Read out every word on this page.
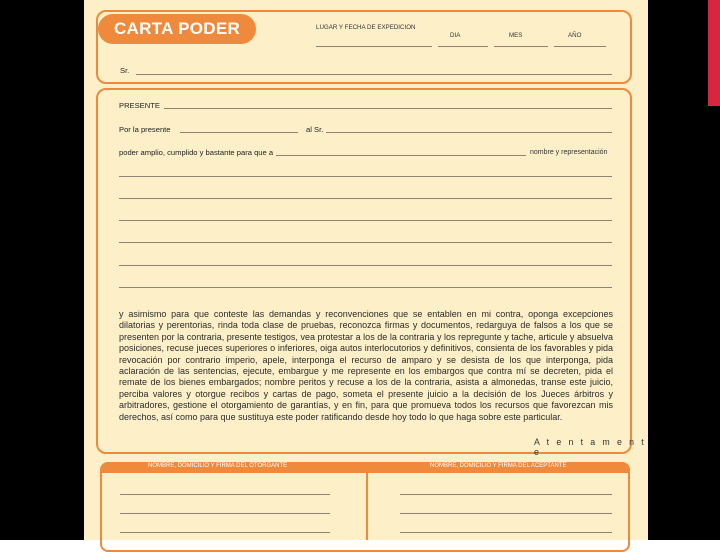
CARTA PODER	LUGAR Y FECHA DE EXPEDICION
DIA	MES	AÑO
Sr.
PRESENTE
Por la presente	al Sr.
poder amplio, cumplido y bastante para que a	nombre y representación
y asimismo para que conteste las demandas y reconvenciones que se entablen en mi contra, oponga excepciones dilatorias y perentorias, rinda toda clase de pruebas, reconozca firmas y documentos, redarguya de falsos a los que se presenten por la contraria, presente testigos, vea protestar a los de la contraria y los repregunte y tache, articule y absuelva posiciones, recuse jueces superiores o inferiores, oiga autos interlocutorios y definitivos, consienta de los favorables y pida revocación por contrario imperio, apele, interponga el recurso de amparo y se desista de los que interponga, pida aclaración de las sentencias, ejecute, embargue y me represente en los embargos que contra mí se decreten, pida el remate de los bienes embargados; nombre peritos y recuse a los de la contraria, asista a almonedas, transe este juicio, perciba valores y otorgue recibos y cartas de pago, someta el presente juicio a la decisión de los Jueces árbitros y arbitradores, gestione el otorgamiento de garantías, y en fin, para que promueva todos los recursos que favorezcan mis derechos, así como para que sustituya este poder ratificando desde hoy todo lo que haga sobre este particular.
A t e n t a m e n t e
NOMBRE, DOMICILIO Y FIRMA DEL OTORGANTE	NOMBRE, DOMICILIO Y FIRMA DEL ACEPTANTE
